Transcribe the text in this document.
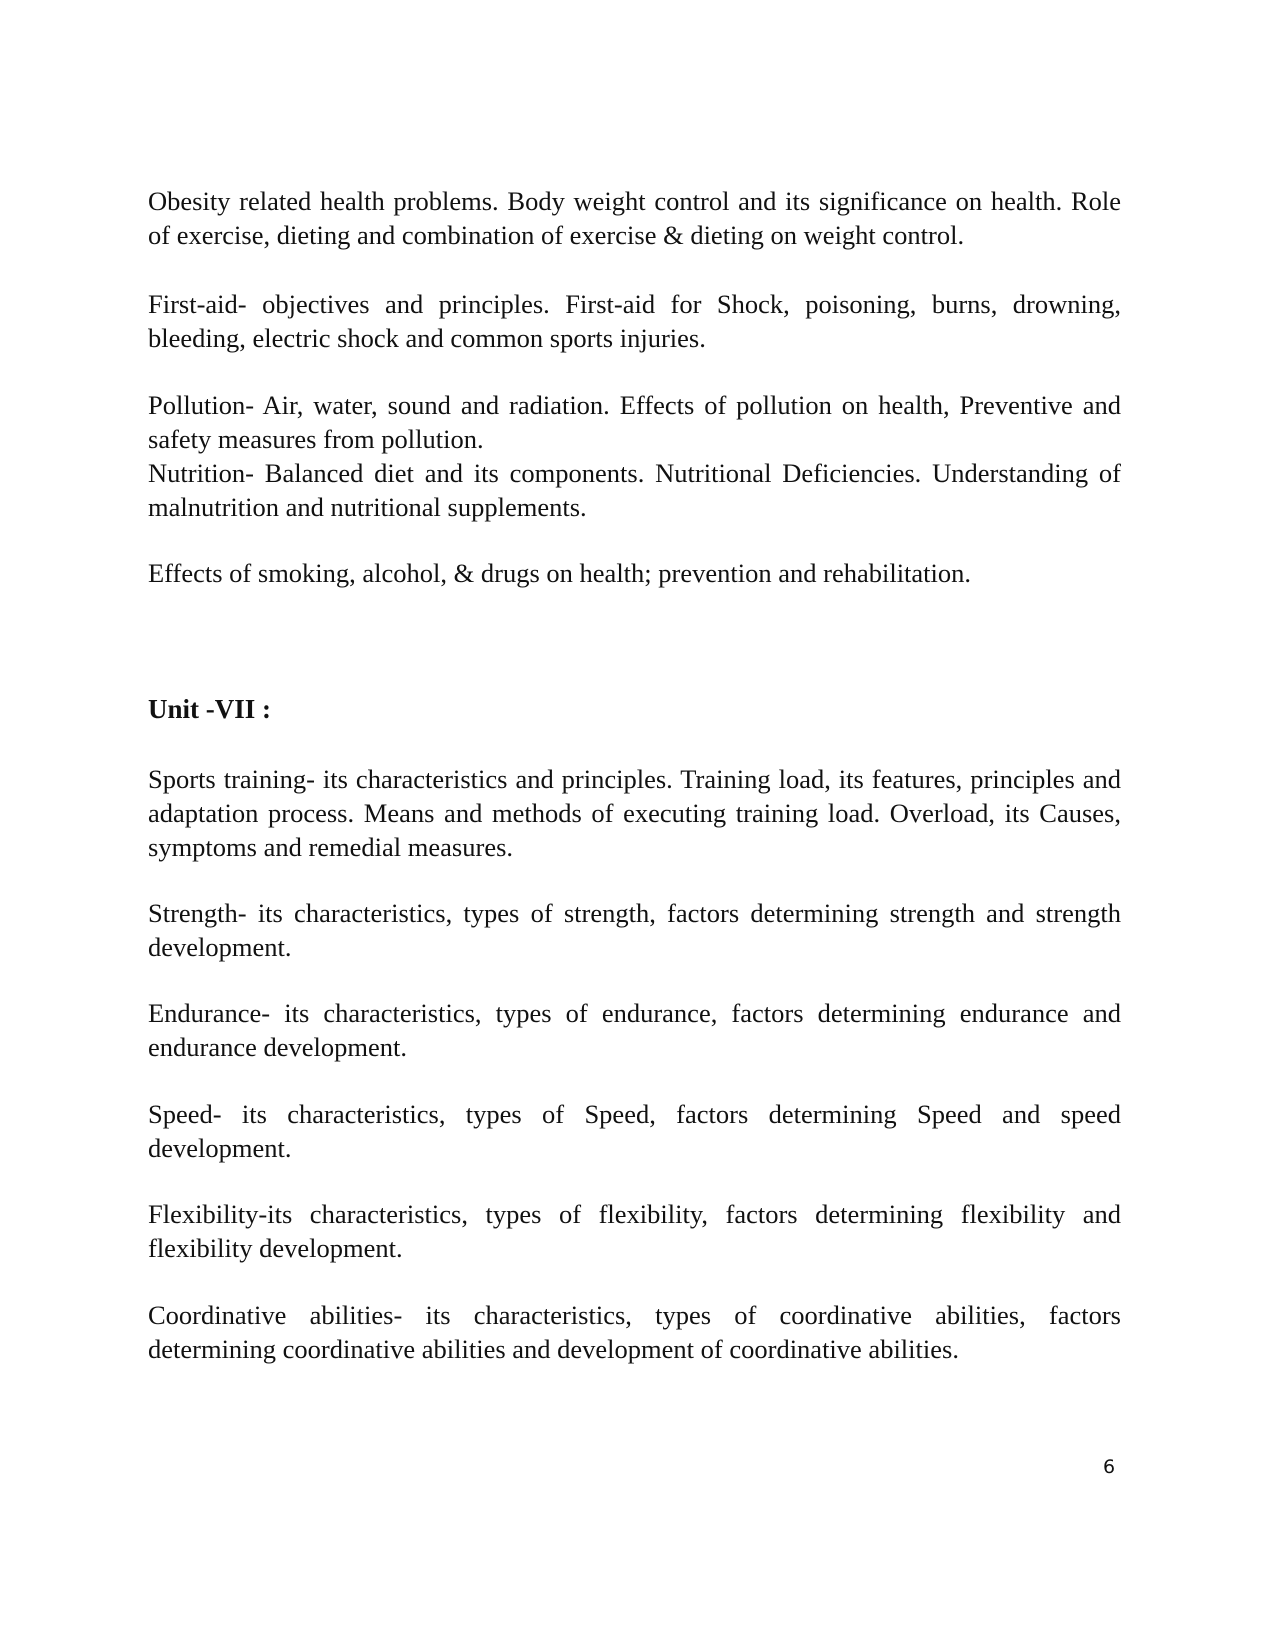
Obesity related health problems. Body weight control and its significance on health. Role of exercise, dieting and combination of exercise & dieting on weight control.

First-aid- objectives and principles. First-aid for Shock, poisoning, burns, drowning, bleeding, electric shock and common sports injuries.

Pollution- Air, water, sound and radiation. Effects of pollution on health, Preventive and safety measures from pollution.

Nutrition- Balanced diet and its components. Nutritional Deficiencies. Understanding of malnutrition and nutritional supplements.

Effects of smoking, alcohol, & drugs on health; prevention and rehabilitation.

Unit -VII :

Sports training- its characteristics and principles. Training load, its features, principles and adaptation process. Means and methods of executing training load. Overload, its Causes, symptoms and remedial measures.

Strength- its characteristics, types of strength, factors determining strength and strength development.

Endurance- its characteristics, types of endurance, factors determining endurance and endurance development.

Speed- its characteristics, types of Speed, factors determining Speed and speed development.

Flexibility-its characteristics, types of flexibility, factors determining flexibility and flexibility development.

Coordinative abilities- its characteristics, types of coordinative abilities, factors determining coordinative abilities and development of coordinative abilities.

6
